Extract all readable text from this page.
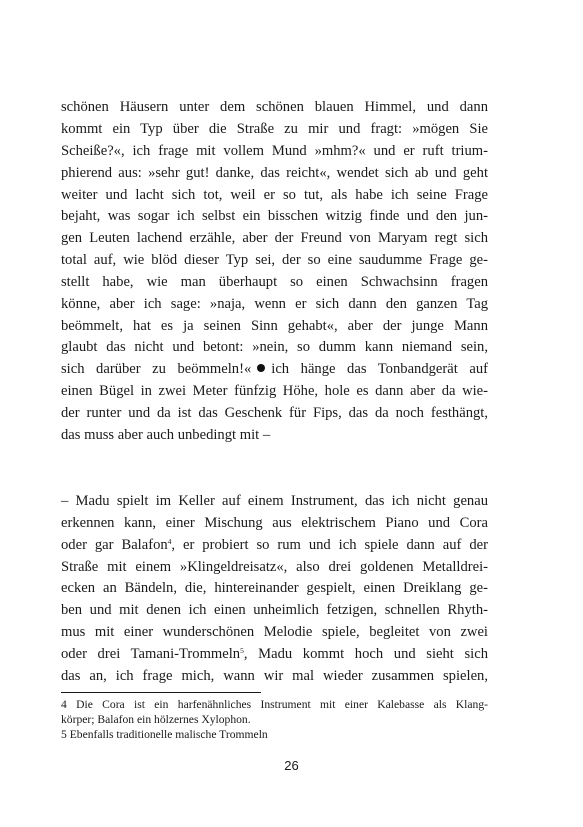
schönen Häusern unter dem schönen blauen Himmel, und dann
kommt ein Typ über die Straße zu mir und fragt: »mögen Sie
Scheiße?«, ich frage mit vollem Mund »mhm?« und er ruft trium-
phierend aus: »sehr gut! danke, das reicht«, wendet sich ab und geht
weiter und lacht sich tot, weil er so tut, als habe ich seine Frage
bejaht, was sogar ich selbst ein bisschen witzig finde und den jun-
gen Leuten lachend erzähle, aber der Freund von Maryam regt sich
total auf, wie blöd dieser Typ sei, der so eine saudumme Frage ge-
stellt habe, wie man überhaupt so einen Schwachsinn fragen
könne, aber ich sage: »naja, wenn er sich dann den ganzen Tag
beömmelt, hat es ja seinen Sinn gehabt«, aber der junge Mann
glaubt das nicht und betont: »nein, so dumm kann niemand sein,
sich darüber zu beömmeln!« ich hänge das Tonbandgerät auf
einen Bügel in zwei Meter fünfzig Höhe, hole es dann aber da wie-
der runter und da ist das Geschenk für Fips, das da noch festhängt,
das muss aber auch unbedingt mit –
– Madu spielt im Keller auf einem Instrument, das ich nicht genau
erkennen kann, einer Mischung aus elektrischem Piano und Cora
oder gar Balafon$^4$, er probiert so rum und ich spiele dann auf der
Straße mit einem »Klingeldreisatz«, also drei goldenen Metalldrei-
ecken an Bändeln, die, hintereinander gespielt, einen Dreiklang ge-
ben und mit denen ich einen unheimlich fetzigen, schnellen Rhyth-
mus mit einer wunderschönen Melodie spiele, begleitet von zwei
oder drei Tamani-Trommeln$^5$, Madu kommt hoch und sieht sich
das an, ich frage mich, wann wir mal wieder zusammen spielen,
4 Die Cora ist ein harfenähnliches Instrument mit einer Kalebasse als Klang-
körper; Balafon ein hölzernes Xylophon.
5 Ebenfalls traditionelle malische Trommeln
26
